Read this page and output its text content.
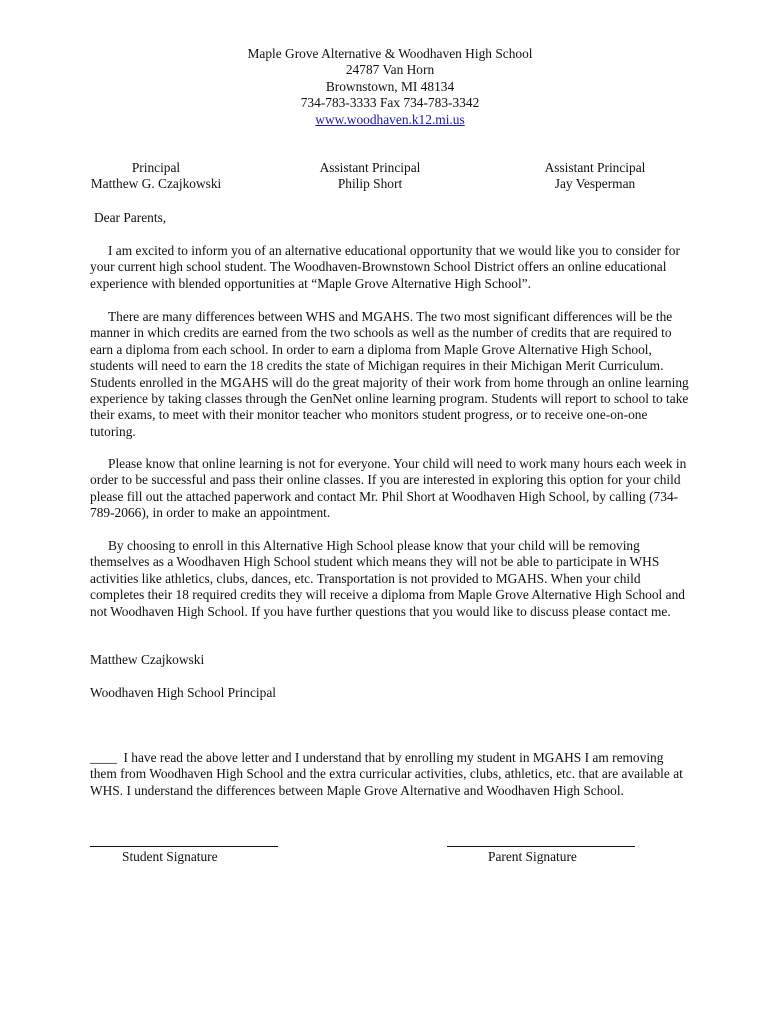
Maple Grove Alternative & Woodhaven High School
24787 Van Horn
Brownstown, MI 48134
734-783-3333 Fax 734-783-3342
www.woodhaven.k12.mi.us
Principal
Matthew G. Czajkowski
Assistant Principal
Philip Short
Assistant Principal
Jay Vesperman
Dear Parents,

I am excited to inform you of an alternative educational opportunity that we would like you to consider for your current high school student. The Woodhaven-Brownstown School District offers an online educational experience with blended opportunities at “Maple Grove Alternative High School”.

There are many differences between WHS and MGAHS. The two most significant differences will be the manner in which credits are earned from the two schools as well as the number of credits that are required to earn a diploma from each school. In order to earn a diploma from Maple Grove Alternative High School, students will need to earn the 18 credits the state of Michigan requires in their Michigan Merit Curriculum. Students enrolled in the MGAHS will do the great majority of their work from home through an online learning experience by taking classes through the GenNet online learning program. Students will report to school to take their exams, to meet with their monitor teacher who monitors student progress, or to receive one-on-one tutoring.

Please know that online learning is not for everyone. Your child will need to work many hours each week in order to be successful and pass their online classes. If you are interested in exploring this option for your child please fill out the attached paperwork and contact Mr. Phil Short at Woodhaven High School, by calling (734-789-2066), in order to make an appointment.

By choosing to enroll in this Alternative High School please know that your child will be removing themselves as a Woodhaven High School student which means they will not be able to participate in WHS activities like athletics, clubs, dances, etc. Transportation is not provided to MGAHS. When your child completes their 18 required credits they will receive a diploma from Maple Grove Alternative High School and not Woodhaven High School. If you have further questions that you would like to discuss please contact me.

Matthew Czajkowski
Woodhaven High School Principal

____ I have read the above letter and I understand that by enrolling my student in MGAHS I am removing them from Woodhaven High School and the extra curricular activities, clubs, athletics, etc. that are available at WHS. I understand the differences between Maple Grove Alternative and Woodhaven High School.

Student Signature	Parent Signature
